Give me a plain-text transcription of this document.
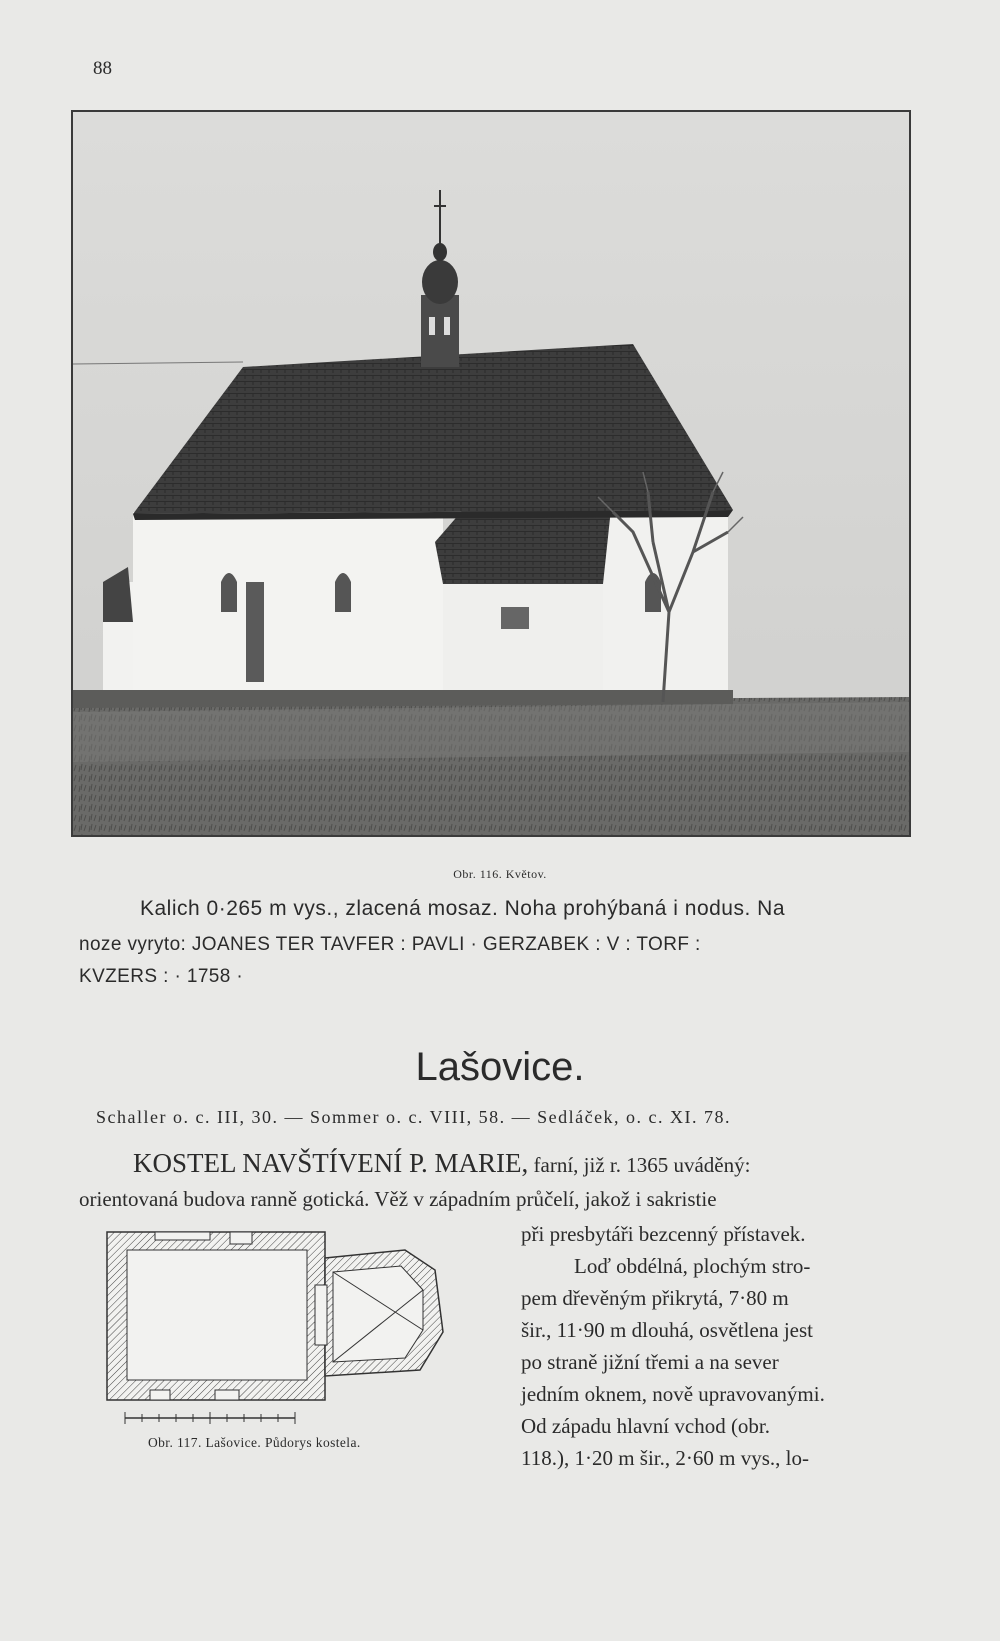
88
Obr. 116. Květov.
Kalich 0·265 m vys., zlacená mosaz. Noha prohýbaná i nodus. Na
noze vyryto: JOANES TER TAVFER : PAVLI · GERZABEK : V : TORF :
KVZERS : · 1758 ·
Lašovice.
Schaller o. c. III, 30. — Sommer o. c. VIII, 58. — Sedláček, o. c. XI. 78.
KOSTEL NAVŠTÍVENÍ P. MARIE, farní, již r. 1365 uváděný:
orientovaná budova ranně gotická. Věž v západním průčelí, jakož i sakristie
Obr. 117. Lašovice. Půdorys kostela.
při presbytáři bezcenný přístavek.
Loď obdélná, plochým stro-
pem dřevěným přikrytá, 7·80 m
šir., 11·90 m dlouhá, osvětlena jest
po straně jižní třemi a na sever
jedním oknem, nově upravovanými.
Od západu hlavní vchod (obr.
118.), 1·20 m šir., 2·60 m vys., lo-
